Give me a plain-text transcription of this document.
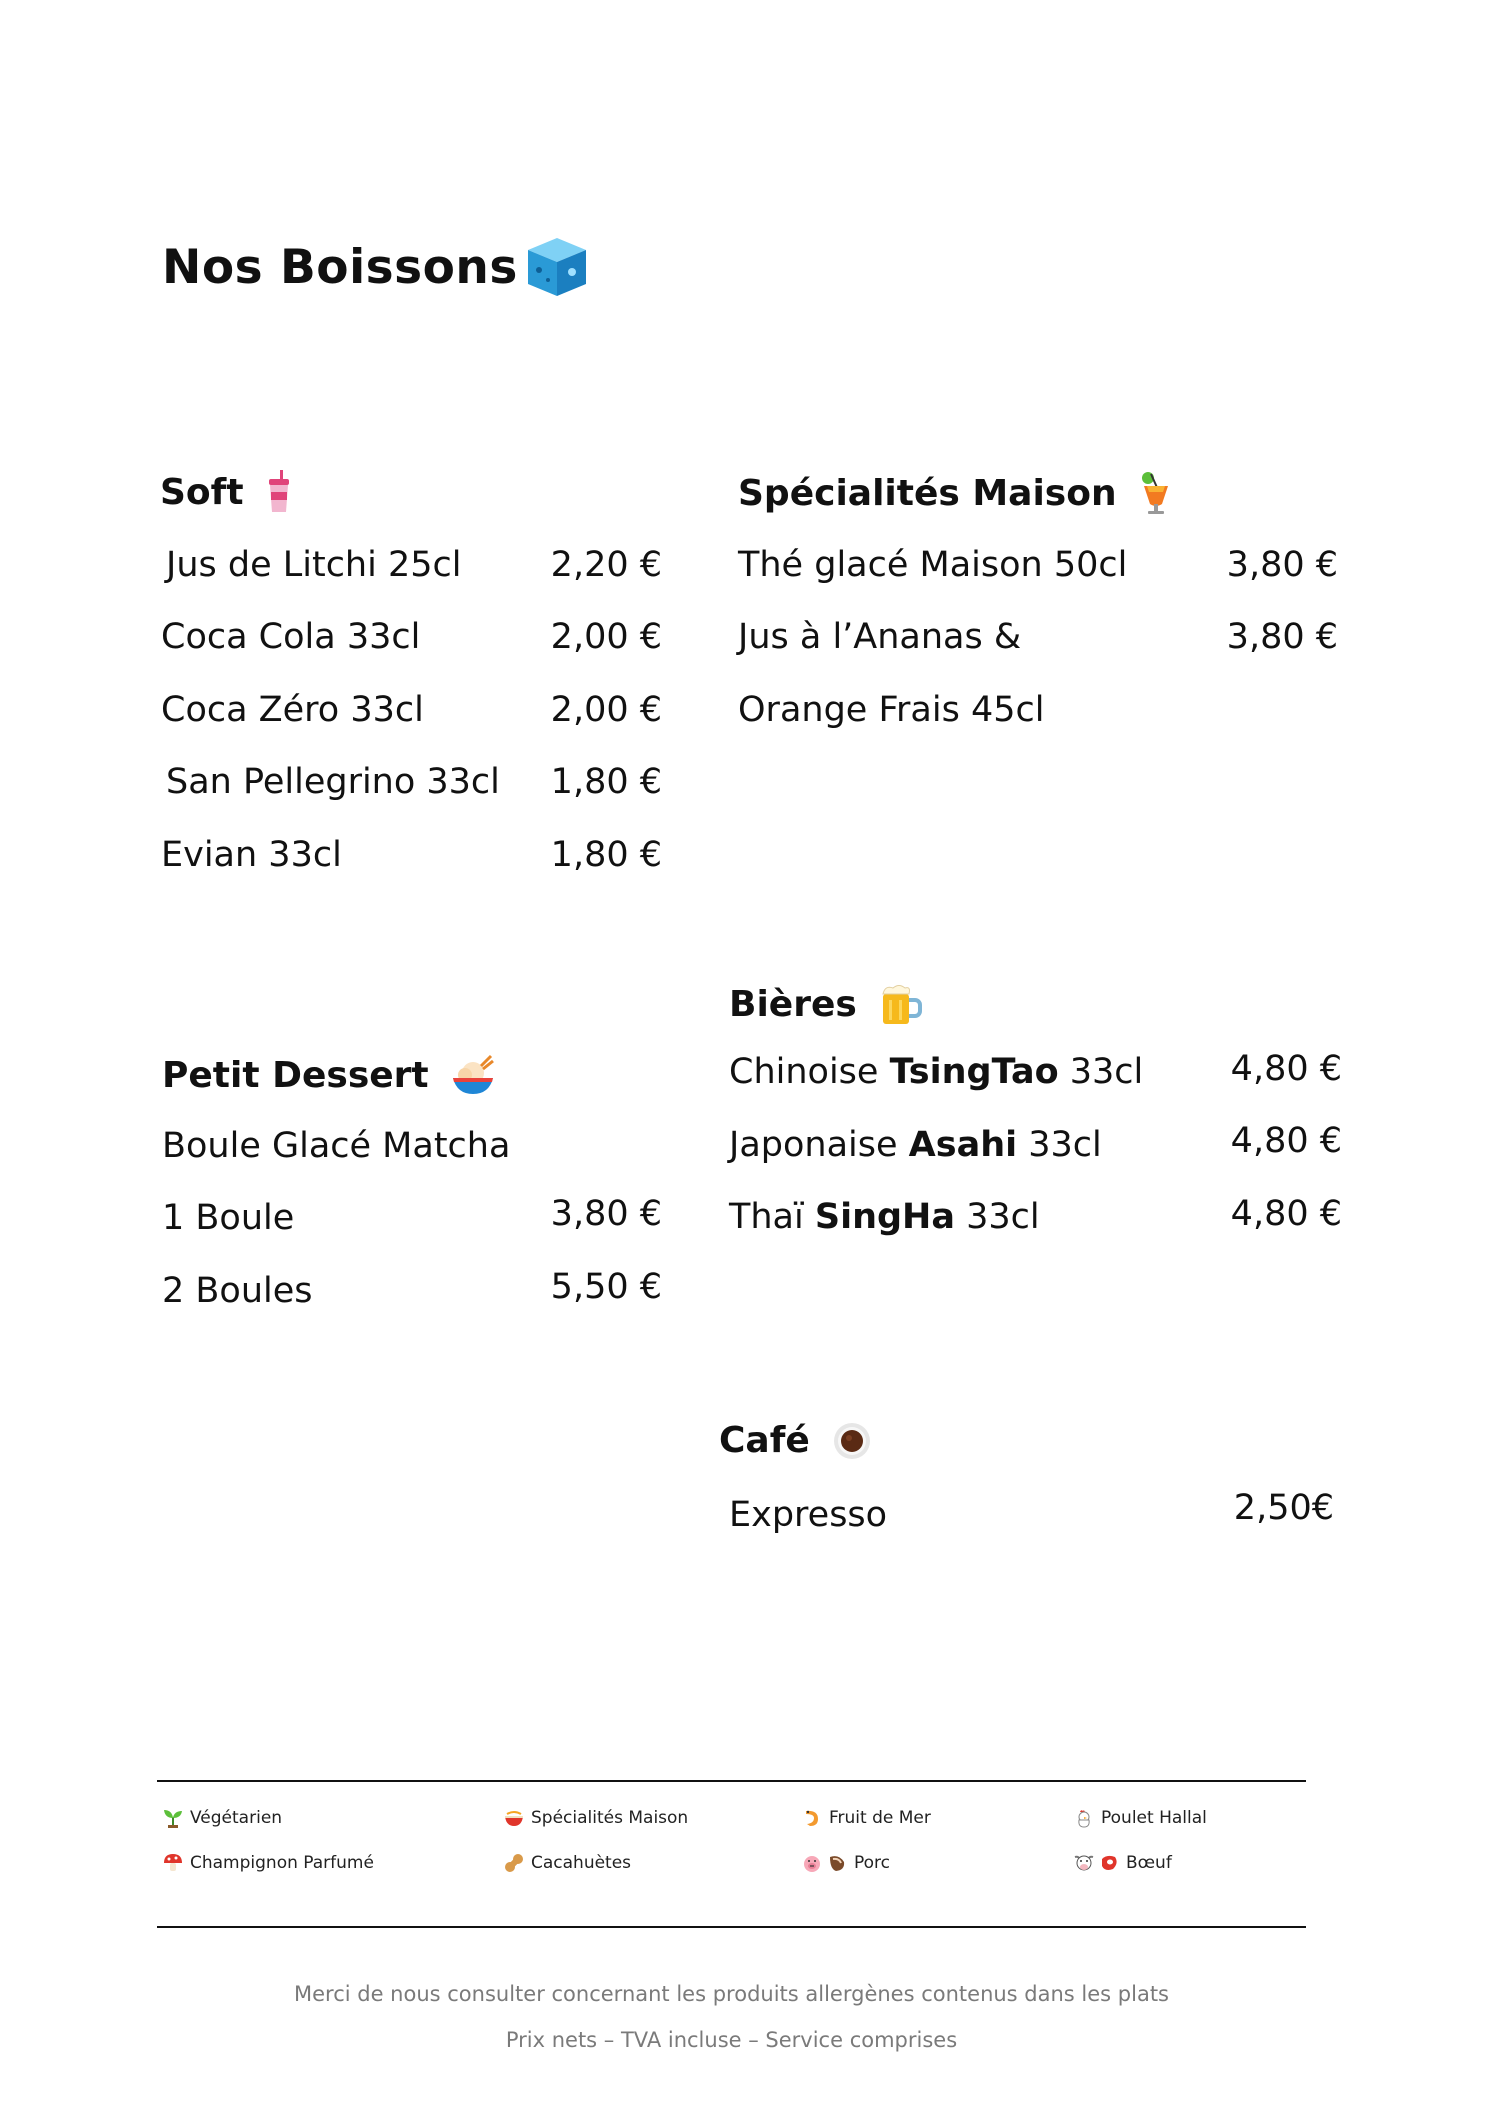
Nos Boissons
Soft
Jus de Litchi 25cl	2,20 €
Coca Cola 33cl	2,00 €
Coca Zéro 33cl	2,00 €
San Pellegrino 33cl	1,80 €
Evian 33cl	1,80 €
Spécialités Maison
Thé glacé Maison 50cl	3,80 €
Jus à l’Ananas &	3,80 €
Orange Frais 45cl
Bières
Chinoise TsingTao 33cl	4,80 €
Japonaise Asahi 33cl	4,80 €
Thaï SingHa 33cl	4,80 €
Petit Dessert
Boule Glacé Matcha
1 Boule	3,80 €
2 Boules	5,50 €
Café
Expresso	2,50€
Végétarien	Spécialités Maison	Fruit de Mer	Poulet Hallal
Champignon Parfumé	Cacahuètes	Porc	Bœuf
Merci de nous consulter concernant les produits allergènes contenus dans les plats
Prix nets – TVA incluse – Service comprises
